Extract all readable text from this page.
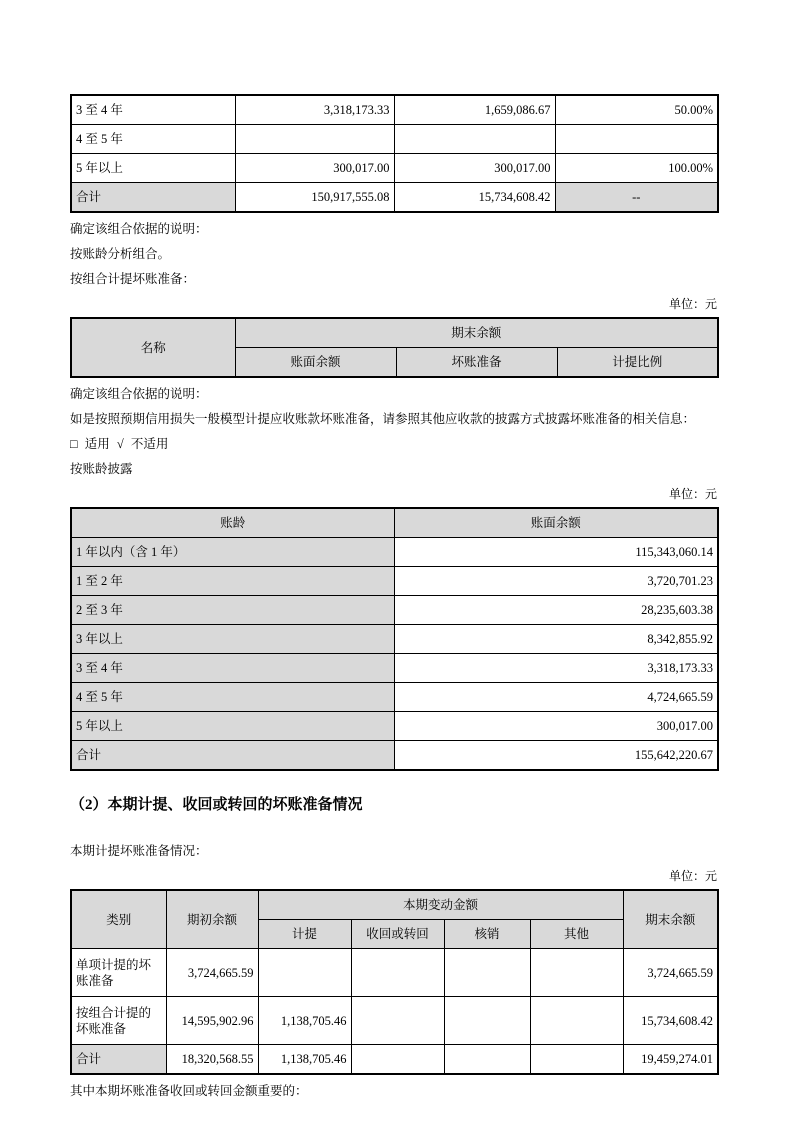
3 至 4 年	3,318,173.33	1,659,086.67	50.00%
4 至 5 年			
5 年以上	300,017.00	300,017.00	100.00%
合计	150,917,555.08	15,734,608.42	--

确定该组合依据的说明：

按账龄分析组合。

按组合计提坏账准备：

单位：元
名称	期末余额		
	账面余额	坏账准备	计提比例

确定该组合依据的说明：

如是按照预期信用损失一般模型计提应收账款坏账准备，请参照其他应收款的披露方式披露坏账准备的相关信息：

□ 适用 √ 不适用

按账龄披露

单位：元
账龄	账面余额
1 年以内（含 1 年）	115,343,060.14
1 至 2 年	3,720,701.23
2 至 3 年	28,235,603.38
3 年以上	8,342,855.92
3 至 4 年	3,318,173.33
4 至 5 年	4,724,665.59
5 年以上	300,017.00
合计	155,642,220.67
（2）本期计提、收回或转回的坏账准备情况

本期计提坏账准备情况：

单位：元
类别	期初余额	本期变动金额				期末余额
		计提	收回或转回	核销	其他	
单项计提的坏账准备	3,724,665.59					3,724,665.59
按组合计提的坏账准备	14,595,902.96	1,138,705.46				15,734,608.42
合计	18,320,568.55	1,138,705.46				19,459,274.01

其中本期坏账准备收回或转回金额重要的：
